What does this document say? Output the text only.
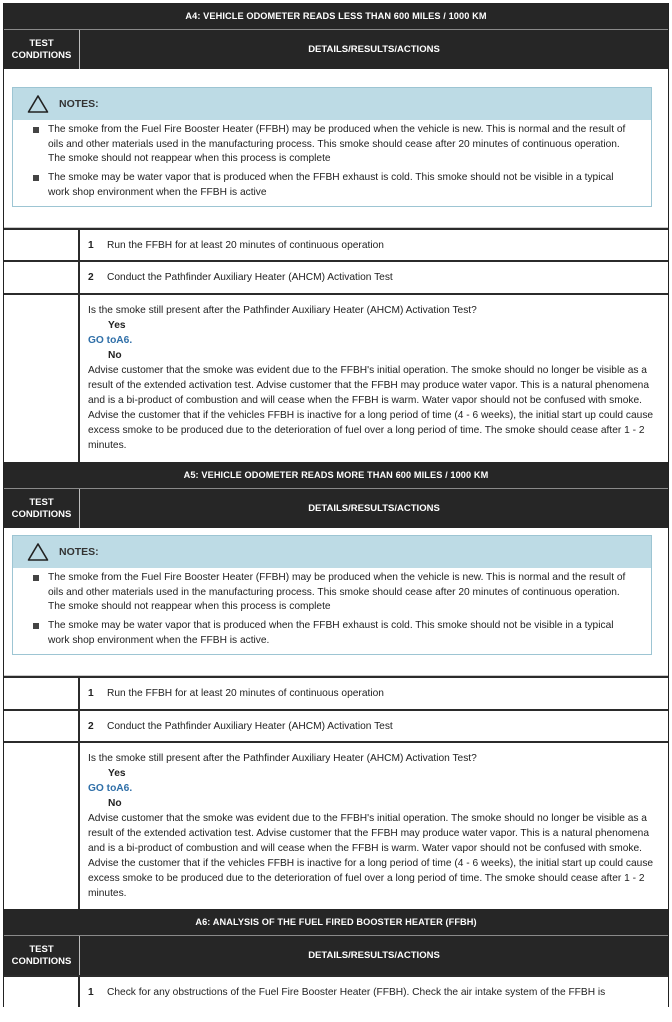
A4: VEHICLE ODOMETER READS LESS THAN 600 MILES / 1000 KM
TEST CONDITIONS	DETAILS/RESULTS/ACTIONS
NOTES:
The smoke from the Fuel Fire Booster Heater (FFBH) may be produced when the vehicle is new. This is normal and the result of oils and other materials used in the manufacturing process. This smoke should cease after 20 minutes of continuous operation. The smoke should not reappear when this process is complete
The smoke may be water vapor that is produced when the FFBH exhaust is cold. This smoke should not be visible in a typical work shop environment when the FFBH is active
1	Run the FFBH for at least 20 minutes of continuous operation
2	Conduct the Pathfinder Auxiliary Heater (AHCM) Activation Test
Is the smoke still present after the Pathfinder Auxiliary Heater (AHCM) Activation Test?
Yes
GO toA6.
No
Advise customer that the smoke was evident due to the FFBH's initial operation. The smoke should no longer be visible as a result of the extended activation test. Advise customer that the FFBH may produce water vapor. This is a natural phenomena and is a bi-product of combustion and will cease when the FFBH is warm. Water vapor should not be confused with smoke. Advise the customer that if the vehicles FFBH is inactive for a long period of time (4 - 6 weeks), the initial start up could cause excess smoke to be produced due to the deterioration of fuel over a long period of time. The smoke should cease after 1 - 2 minutes.
A5: VEHICLE ODOMETER READS MORE THAN 600 MILES / 1000 KM
TEST CONDITIONS	DETAILS/RESULTS/ACTIONS
NOTES:
The smoke from the Fuel Fire Booster Heater (FFBH) may be produced when the vehicle is new. This is normal and the result of oils and other materials used in the manufacturing process. This smoke should cease after 20 minutes of continuous operation. The smoke should not reappear when this process is complete
The smoke may be water vapor that is produced when the FFBH exhaust is cold. This smoke should not be visible in a typical work shop environment when the FFBH is active.
1	Run the FFBH for at least 20 minutes of continuous operation
2	Conduct the Pathfinder Auxiliary Heater (AHCM) Activation Test
Is the smoke still present after the Pathfinder Auxiliary Heater (AHCM) Activation Test?
Yes
GO toA6.
No
Advise customer that the smoke was evident due to the FFBH's initial operation. The smoke should no longer be visible as a result of the extended activation test. Advise customer that the FFBH may produce water vapor. This is a natural phenomena and is a bi-product of combustion and will cease when the FFBH is warm. Water vapor should not be confused with smoke. Advise the customer that if the vehicles FFBH is inactive for a long period of time (4 - 6 weeks), the initial start up could cause excess smoke to be produced due to the deterioration of fuel over a long period of time. The smoke should cease after 1 - 2 minutes.
A6: ANALYSIS OF THE FUEL FIRED BOOSTER HEATER (FFBH)
TEST CONDITIONS	DETAILS/RESULTS/ACTIONS
1	Check for any obstructions of the Fuel Fire Booster Heater (FFBH). Check the air intake system of the FFBH is
